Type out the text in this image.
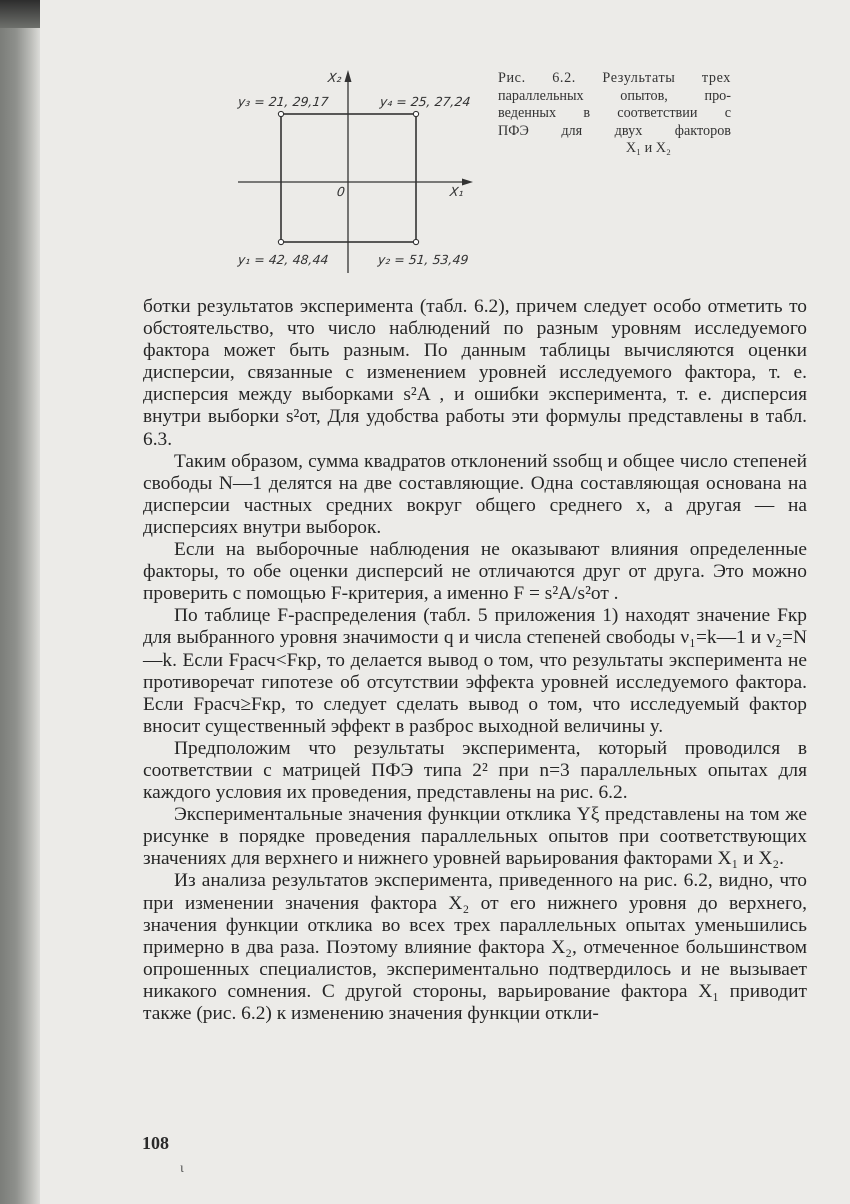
X₂
X₁
0
y₃ = 21, 29,17	y₄ = 25, 27,24
y₁ = 42, 48,44	y₂ = 51, 53,49
Рис. 6.2. Результаты трех
параллельных опытов, про-
веденных в соответствии с
ПФЭ для двух факторов
X₁ и X₂

ботки результатов эксперимента (табл. 6.2), причем следует особо отметить то обстоятельство, что число наблюдений по разным уровням исследуемого фактора может быть разным. По данным таблицы вычисляются оценки дисперсии, связанные с изменением уровней исследуемого фактора, т. е. дисперсия между выборками s²A , и ошибки эксперимента, т. е. дисперсия внутри выборки s²от, Для удобства работы эти формулы представлены в табл. 6.3.

Таким образом, сумма квадратов отклонений ssобщ и общее число степеней свободы N—1 делятся на две составляющие. Одна составляющая основана на дисперсии частных средних вокруг общего среднего x, а другая — на дисперсиях внутри выборок.

Если на выборочные наблюдения не оказывают влияния определенные факторы, то обе оценки дисперсий не отличаются друг от друга. Это можно проверить с помощью F-критерия, а именно F = s²A/s²от .

По таблице F-распределения (табл. 5 приложения 1) находят значение Fкр для выбранного уровня значимости q и числа степеней свободы ν₁=k—1 и ν₂=N—k. Если Fрасч<Fкр, то делается вывод о том, что результаты эксперимента не противоречат гипотезе об отсутствии эффекта уровней исследуемого фактора. Если Fрасч≥Fкр, то следует сделать вывод о том, что исследуемый фактор вносит существенный эффект в разброс выходной величины y.

Предположим что результаты эксперимента, который проводился в соответствии с матрицей ПФЭ типа 2² при n=3 параллельных опытах для каждого условия их проведения, представлены на рис. 6.2.

Экспериментальные значения функции отклика Yξ представлены на том же рисунке в порядке проведения параллельных опытов при соответствующих значениях для верхнего и нижнего уровней варьирования факторами X₁ и X₂.

Из анализа результатов эксперимента, приведенного на рис. 6.2, видно, что при изменении значения фактора X₂ от его нижнего уровня до верхнего, значения функции отклика во всех трех параллельных опытах уменьшились примерно в два раза. Поэтому влияние фактора X₂, отмеченное большинством опрошенных специалистов, экспериментально подтвердилось и не вызывает никакого сомнения. С другой стороны, варьирование фактора X₁ приводит также (рис. 6.2) к изменению значения функции откли-

108
ι
